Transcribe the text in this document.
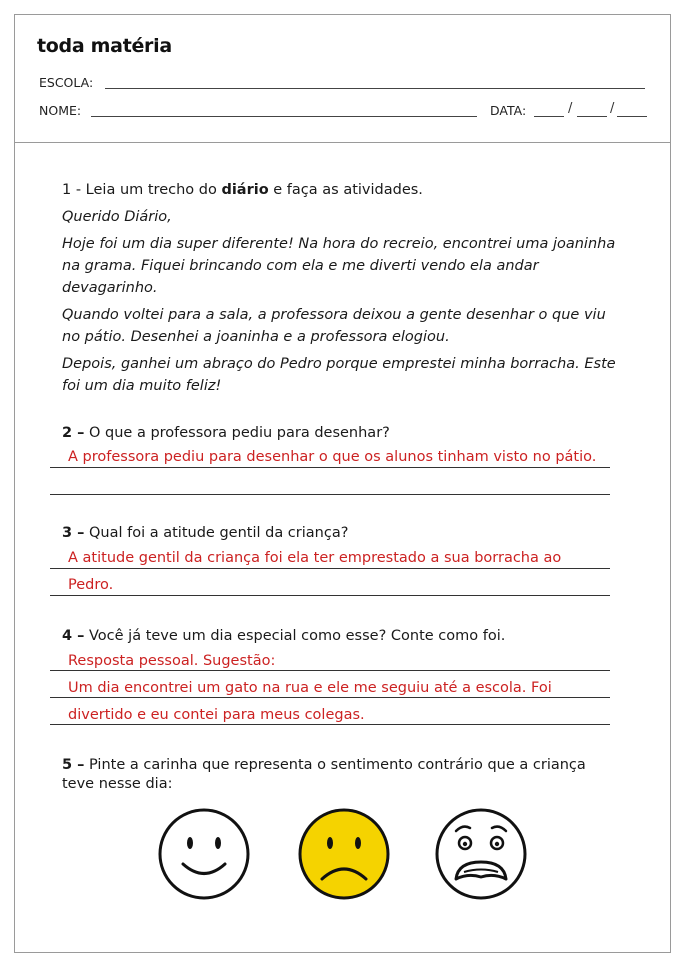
toda matéria
ESCOLA:
NOME:	DATA:	/	/
1 - Leia um trecho do diário e faça as atividades.
Querido Diário,
Hoje foi um dia super diferente! Na hora do recreio, encontrei uma joaninha
na grama. Fiquei brincando com ela e me diverti vendo ela andar
devagarinho.
Quando voltei para a sala, a professora deixou a gente desenhar o que viu
no pátio. Desenhei a joaninha e a professora elogiou.
Depois, ganhei um abraço do Pedro porque emprestei minha borracha. Este
foi um dia muito feliz!
2 – O que a professora pediu para desenhar?
A professora pediu para desenhar o que os alunos tinham visto no pátio.
3 – Qual foi a atitude gentil da criança?
A atitude gentil da criança foi ela ter emprestado a sua borracha ao
Pedro.
4 – Você já teve um dia especial como esse? Conte como foi.
Resposta pessoal. Sugestão:
Um dia encontrei um gato na rua e ele me seguiu até a escola. Foi
divertido e eu contei para meus colegas.
5 – Pinte a carinha que representa o sentimento contrário que a criança
teve nesse dia:
